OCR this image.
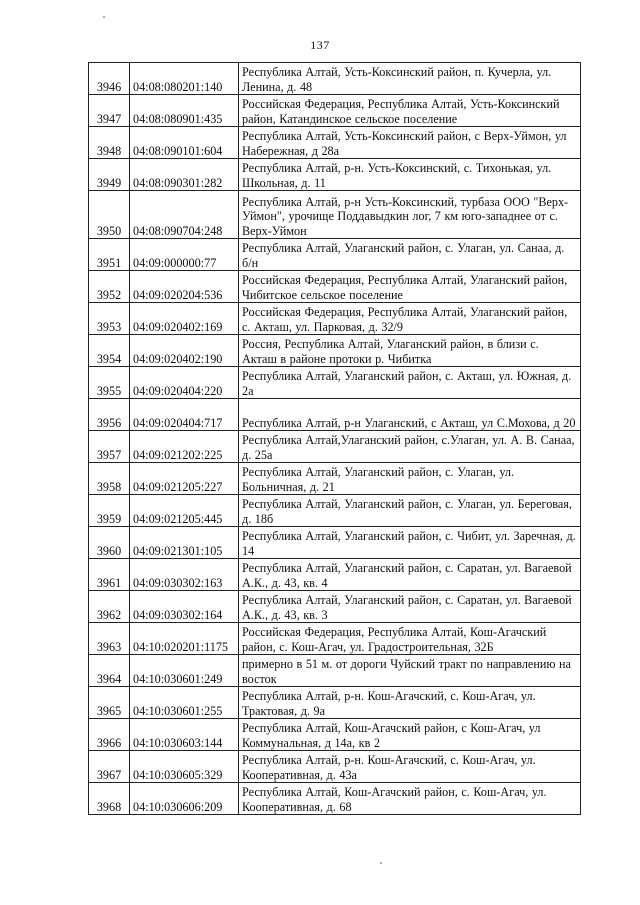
137
3946	04:08:080201:140	Республика Алтай, Усть-Коксинский район, п. Кучерла, ул. Ленина, д. 48
3947	04:08:080901:435	Российская Федерация, Республика Алтай, Усть-Коксинский район, Катандинское сельское поселение
3948	04:08:090101:604	Республика Алтай, Усть-Коксинский район, с Верх-Уймон, ул Набережная, д 28а
3949	04:08:090301:282	Республика Алтай, р-н. Усть-Коксинский, с. Тихонькая, ул. Школьная, д. 11
3950	04:08:090704:248	Республика Алтай, р-н Усть-Коксинский, турбаза ООО "Верх-Уймон", урочище Поддавыдкин лог, 7 км юго-западнее от с. Верх-Уймон
3951	04:09:000000:77	Республика Алтай, Улаганский район, с. Улаган, ул. Санаа, д. б/н
3952	04:09:020204:536	Российская Федерация, Республика Алтай, Улаганский район, Чибитское сельское поселение
3953	04:09:020402:169	Российская Федерация, Республика Алтай, Улаганский район, с. Акташ, ул. Парковая, д. 32/9
3954	04:09:020402:190	Россия, Республика Алтай, Улаганский район, в близи с. Акташ в районе протоки р. Чибитка
3955	04:09:020404:220	Республика Алтай, Улаганский район, с. Акташ, ул. Южная, д. 2а
3956	04:09:020404:717	Республика Алтай, р-н Улаганский, с Акташ, ул С.Мохова, д 20
3957	04:09:021202:225	Республика Алтай,Улаганский район, с.Улаган, ул. А. В. Санаа, д. 25а
3958	04:09:021205:227	Республика Алтай, Улаганский район, с. Улаган, ул. Больничная, д. 21
3959	04:09:021205:445	Республика Алтай, Улаганский район, с. Улаган, ул. Береговая, д. 18б
3960	04:09:021301:105	Республика Алтай, Улаганский район, с. Чибит, ул. Заречная, д. 14
3961	04:09:030302:163	Республика Алтай, Улаганский район, с. Саратан, ул. Вагаевой А.К., д. 43, кв. 4
3962	04:09:030302:164	Республика Алтай, Улаганский район, с. Саратан, ул. Вагаевой А.К., д. 43, кв. 3
3963	04:10:020201:1175	Российская Федерация, Республика Алтай, Кош-Агачский район, с. Кош-Агач, ул. Градостроительная, 32Б
3964	04:10:030601:249	примерно в 51 м. от дороги Чуйский тракт по направлению на восток
3965	04:10:030601:255	Республика Алтай, р-н. Кош-Агачский, с. Кош-Агач, ул. Трактовая, д. 9а
3966	04:10:030603:144	Республика Алтай, Кош-Агачский район, с Кош-Агач, ул Коммунальная, д 14а, кв 2
3967	04:10:030605:329	Республика Алтай, р-н. Кош-Агачский, с. Кош-Агач, ул. Кооперативная, д. 43а
3968	04:10:030606:209	Республика Алтай, Кош-Агачский район, с. Кош-Агач, ул. Кооперативная, д. 68
